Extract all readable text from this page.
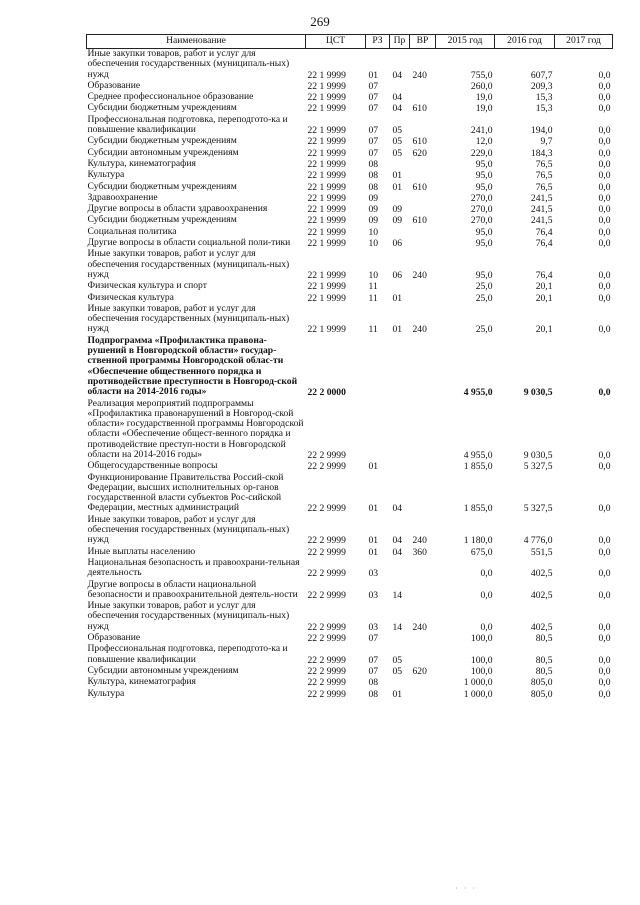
269
Наименование	ЦСТ	РЗ	Пр	ВР	2015 год	2016 год	2017 год
Иные закупки товаров, работ и услуг для обеспечения государственных (муниципаль-ных) нужд	22 1 9999	01	04	240	755,0	607,7	0,0
Образование	22 1 9999	07			260,0	209,3	0,0
Среднее профессиональное образование	22 1 9999	07	04		19,0	15,3	0,0
Субсидии бюджетным учреждениям	22 1 9999	07	04	610	19,0	15,3	0,0
Профессиональная подготовка, переподгото-ка и повышение квалификации	22 1 9999	07	05		241,0	194,0	0,0
Субсидии бюджетным учреждениям	22 1 9999	07	05	610	12,0	9,7	0,0
Субсидии автономным учреждениям	22 1 9999	07	05	620	229,0	184,3	0,0
Культура, кинематография	22 1 9999	08			95,0	76,5	0,0
Культура	22 1 9999	08	01		95,0	76,5	0,0
Субсидии бюджетным учреждениям	22 1 9999	08	01	610	95,0	76,5	0,0
Здравоохранение	22 1 9999	09			270,0	241,5	0,0
Другие вопросы в области здравоохранения	22 1 9999	09	09		270,0	241,5	0,0
Субсидии бюджетным учреждениям	22 1 9999	09	09	610	270,0	241,5	0,0
Социальная политика	22 1 9999	10			95,0	76,4	0,0
Другие вопросы в области социальной поли-тики	22 1 9999	10	06		95,0	76,4	0,0
Иные закупки товаров, работ и услуг для обеспечения государственных (муниципаль-ных) нужд	22 1 9999	10	06	240	95,0	76,4	0,0
Физическая культура и спорт	22 1 9999	11			25,0	20,1	0,0
Физическая культура	22 1 9999	11	01		25,0	20,1	0,0
Иные закупки товаров, работ и услуг для обеспечения государственных (муниципаль-ных) нужд	22 1 9999	11	01	240	25,0	20,1	0,0
Подпрограмма «Профилактика правона-рушений в Новгородской области» государ-ственной программы Новгородской облас-ти «Обеспечение общественного порядка и противодействие преступности в Новгород-ской области на 2014-2016 годы»	22 2 0000				4 955,0	9 030,5	0,0
Реализация мероприятий подпрограммы «Профилактика правонарушений в Новгород-ской области» государственной программы Новгородской области «Обеспечение общест-венного порядка и противодействие преступ-ности в Новгородской области на 2014-2016 годы»	22 2 9999				4 955,0	9 030,5	0,0
Общегосударственные вопросы	22 2 9999	01			1 855,0	5 327,5	0,0
Функционирование Правительства Россий-ской Федерации, высших исполнительных ор-ганов государственной власти субъектов Рос-сийской Федерации, местных администраций	22 2 9999	01	04		1 855,0	5 327,5	0,0
Иные закупки товаров, работ и услуг для обеспечения государственных (муниципаль-ных) нужд	22 2 9999	01	04	240	1 180,0	4 776,0	0,0
Иные выплаты населению	22 2 9999	01	04	360	675,0	551,5	0,0
Национальная безопасность и правоохрани-тельная деятельность	22 2 9999	03			0,0	402,5	0,0
Другие вопросы в области национальной безопасности и правоохранительной деятель-ности	22 2 9999	03	14		0,0	402,5	0,0
Иные закупки товаров, работ и услуг для обеспечения государственных (муниципаль-ных) нужд	22 2 9999	03	14	240	0,0	402,5	0,0
Образование	22 2 9999	07			100,0	80,5	0,0
Профессиональная подготовка, переподгото-ка и повышение квалификации	22 2 9999	07	05		100,0	80,5	0,0
Субсидии автономным учреждениям	22 2 9999	07	05	620	100,0	80,5	0,0
Культура, кинематография	22 2 9999	08			1 000,0	805,0	0,0
Культура	22 2 9999	08	01		1 000,0	805,0	0,0
· · ·
